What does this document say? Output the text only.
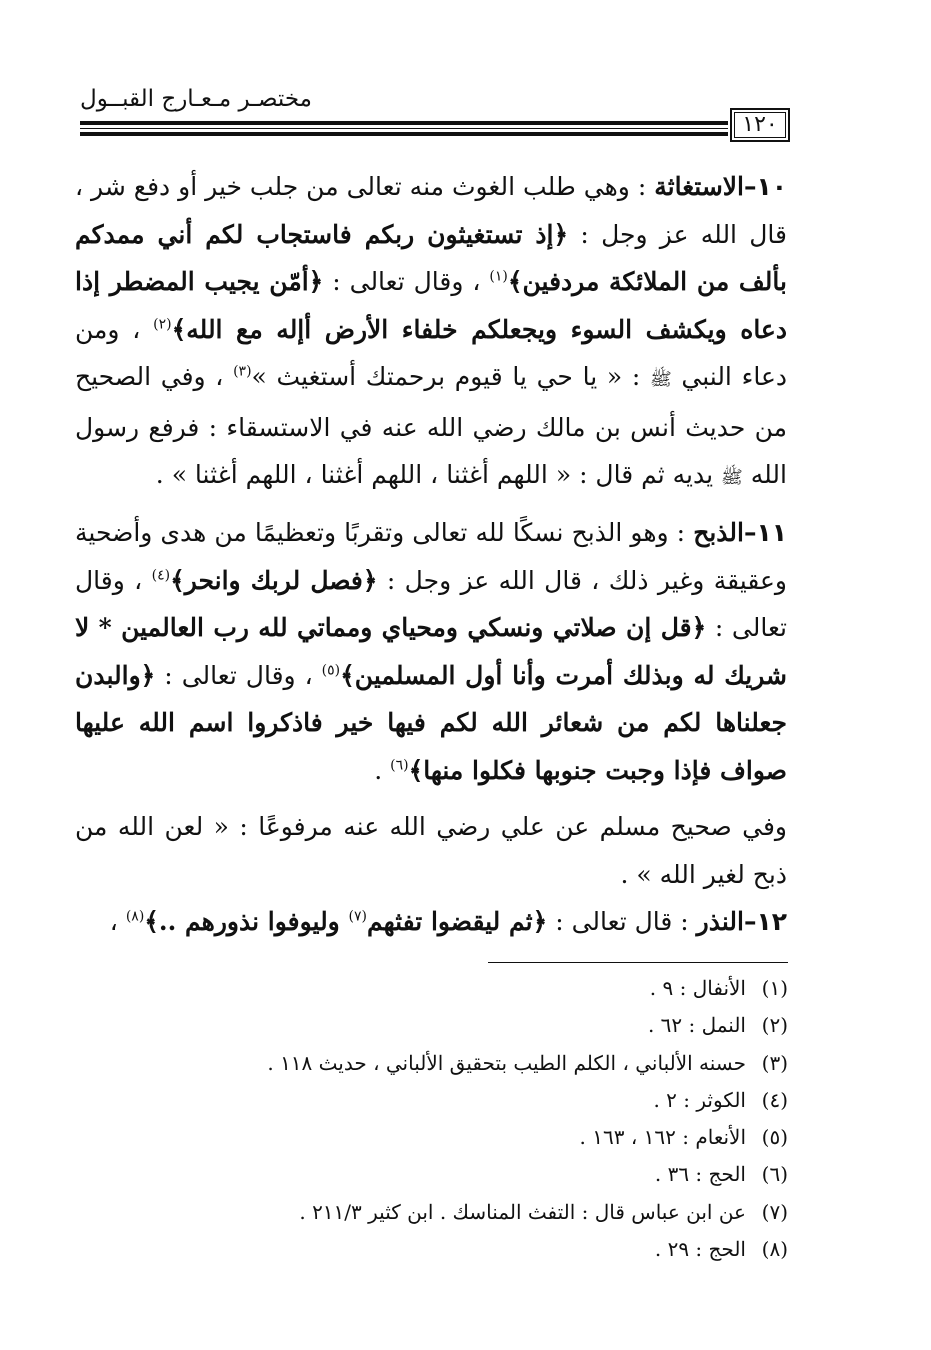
مختصـر مـعـارج القبــول
١٢٠
١٠–الاستغاثة : وهي طلب الغوث منه تعالى من جلب خير أو دفع شر ، قال الله عز وجل : ﴿إذ تستغيثون ربكم فاستجاب لكم أني ممدكم بألف من الملائكة مردفين﴾$^{(١)}$ ، وقال تعالى : ﴿أمّن يجيب المضطر إذا دعاه ويكشف السوء ويجعلكم خلفاء الأرض أإله مع الله﴾$^{(٢)}$ ، ومن دعاء النبي ﷺ : « يا حي يا قيوم برحمتك أستغيث »$^{(٣)}$ ، وفي الصحيح من حديث أنس بن مالك رضي الله عنه في الاستسقاء : فرفع رسول الله ﷺ يديه ثم قال : « اللهم أغثنا ، اللهم أغثنا ، اللهم أغثنا » .
١١–الذبح : وهو الذبح نسكًا لله تعالى وتقربًا وتعظيمًا من هدى وأضحية وعقيقة وغير ذلك ، قال الله عز وجل : ﴿فصل لربك وانحر﴾$^{(٤)}$ ، وقال تعالى : ﴿قل إن صلاتي ونسكي ومحياي ومماتي لله رب العالمين * لا شريك له وبذلك أمرت وأنا أول المسلمين﴾$^{(٥)}$ ، وقال تعالى : ﴿والبدن جعلناها لكم من شعائر الله لكم فيها خير فاذكروا اسم الله عليها صواف فإذا وجبت جنوبها فكلوا منها﴾$^{(٦)}$ .
وفي صحيح مسلم عن علي رضي الله عنه مرفوعًا : « لعن الله من ذبح لغير الله » .
١٢–النذر : قال تعالى : ﴿ثم ليقضوا تفثهم$^{(٧)}$ وليوفوا نذورهم ..﴾$^{(٨)}$ ،
(١)الأنفال : ٩ .
(٢)النمل : ٦٢ .
(٣)حسنه الألباني ، الكلم الطيب بتحقيق الألباني ، حديث ١١٨ .
(٤)الكوثر : ٢ .
(٥)الأنعام : ١٦٢ ، ١٦٣ .
(٦)الحج : ٣٦ .
(٧)عن ابن عباس قال : التفث المناسك . ابن كثير ٢١١/٣ .
(٨)الحج : ٢٩ .
